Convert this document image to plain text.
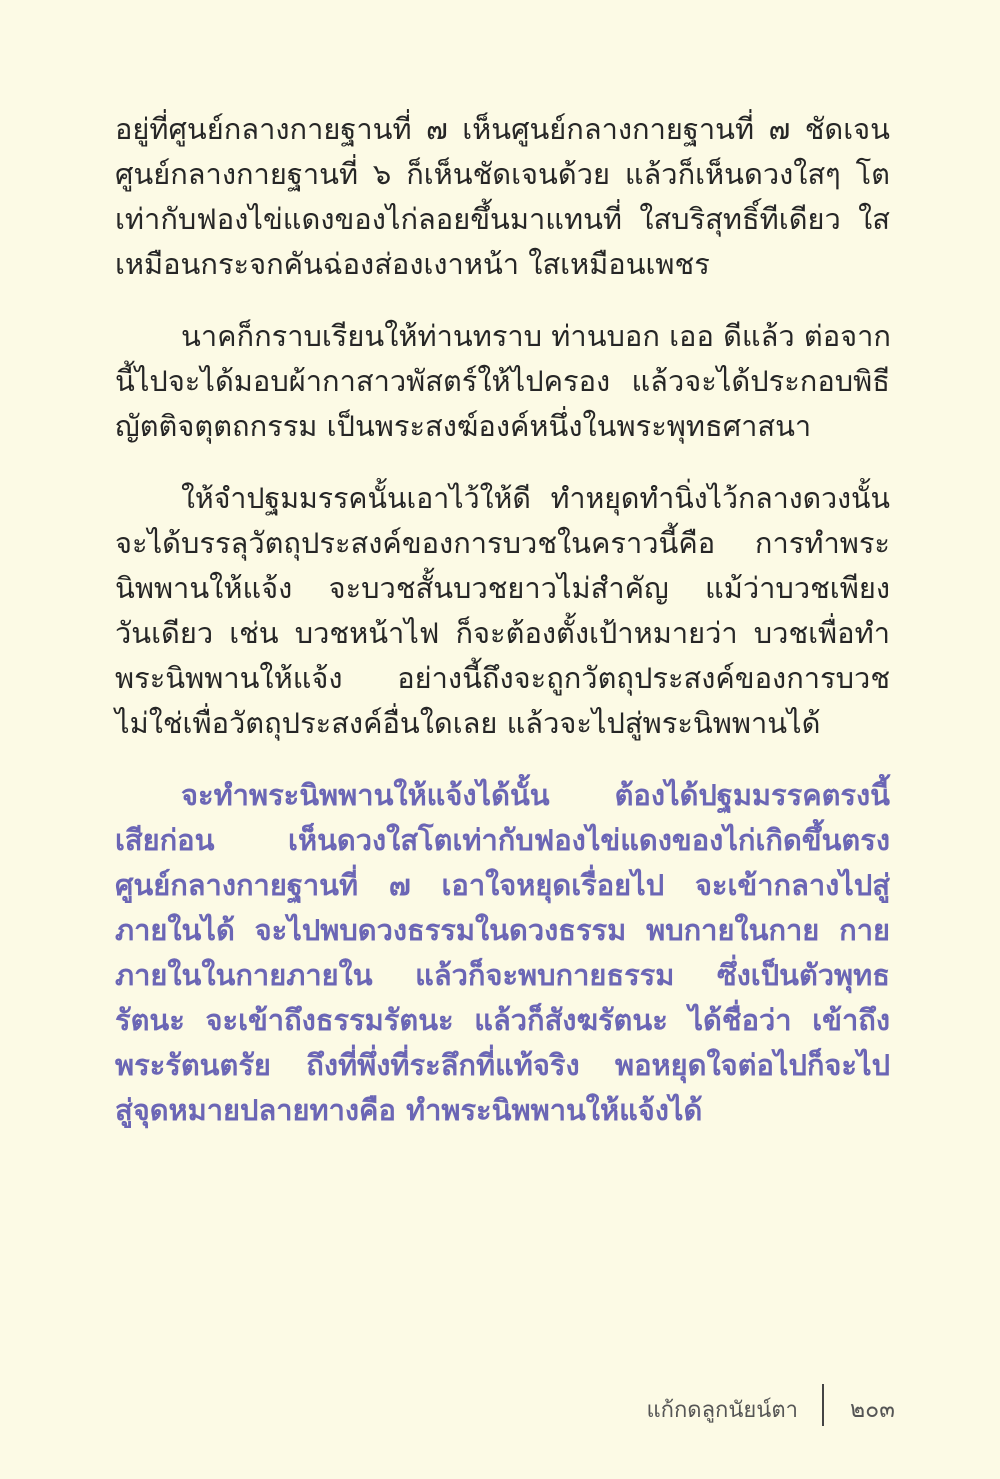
อยู่ที่ศูนย์กลางกายฐานที่ ๗ เห็นศูนย์กลางกายฐานที่ ๗ ชัดเจน

ศูนย์กลางกายฐานที่ ๖ ก็เห็นชัดเจนด้วย แล้วก็เห็นดวงใสๆ โต

เท่ากับฟองไข่แดงของไก่ลอยขึ้นมาแทนที่ ใสบริสุทธิ์ทีเดียว ใส

เหมือนกระจกคันฉ่องส่องเงาหน้า ใสเหมือนเพชร

นาคก็กราบเรียนให้ท่านทราบ ท่านบอก เออ ดีแล้ว ต่อจาก

นี้ไปจะได้มอบผ้ากาสาวพัสตร์ให้ไปครอง แล้วจะได้ประกอบพิธี

ญัตติจตุตถกรรม เป็นพระสงฆ์องค์หนึ่งในพระพุทธศาสนา

ให้จำปฐมมรรคนั้นเอาไว้ให้ดี ทำหยุดทำนิ่งไว้กลางดวงนั้น

จะได้บรรลุวัตถุประสงค์ของการบวชในคราวนี้คือ การทำพระ

นิพพานให้แจ้ง จะบวชสั้นบวชยาวไม่สำคัญ แม้ว่าบวชเพียง

วันเดียว เช่น บวชหน้าไฟ ก็จะต้องตั้งเป้าหมายว่า บวชเพื่อทำ

พระนิพพานให้แจ้ง อย่างนี้ถึงจะถูกวัตถุประสงค์ของการบวช

ไม่ใช่เพื่อวัตถุประสงค์อื่นใดเลย แล้วจะไปสู่พระนิพพานได้

จะทำพระนิพพานให้แจ้งได้นั้น ต้องได้ปฐมมรรคตรงนี้

เสียก่อน เห็นดวงใสโตเท่ากับฟองไข่แดงของไก่เกิดขึ้นตรง

ศูนย์กลางกายฐานที่ ๗ เอาใจหยุดเรื่อยไป จะเข้ากลางไปสู่

ภายในได้ จะไปพบดวงธรรมในดวงธรรม พบกายในกาย กาย

ภายในในกายภายใน แล้วก็จะพบกายธรรม ซึ่งเป็นตัวพุทธ

รัตนะ จะเข้าถึงธรรมรัตนะ แล้วก็สังฆรัตนะ ได้ชื่อว่า เข้าถึง

พระรัตนตรัย ถึงที่พึ่งที่ระลึกที่แท้จริง พอหยุดใจต่อไปก็จะไป

สู่จุดหมายปลายทางคือ ทำพระนิพพานให้แจ้งได้

แก้กดลูกนัยน์ตา ๒๐๓
